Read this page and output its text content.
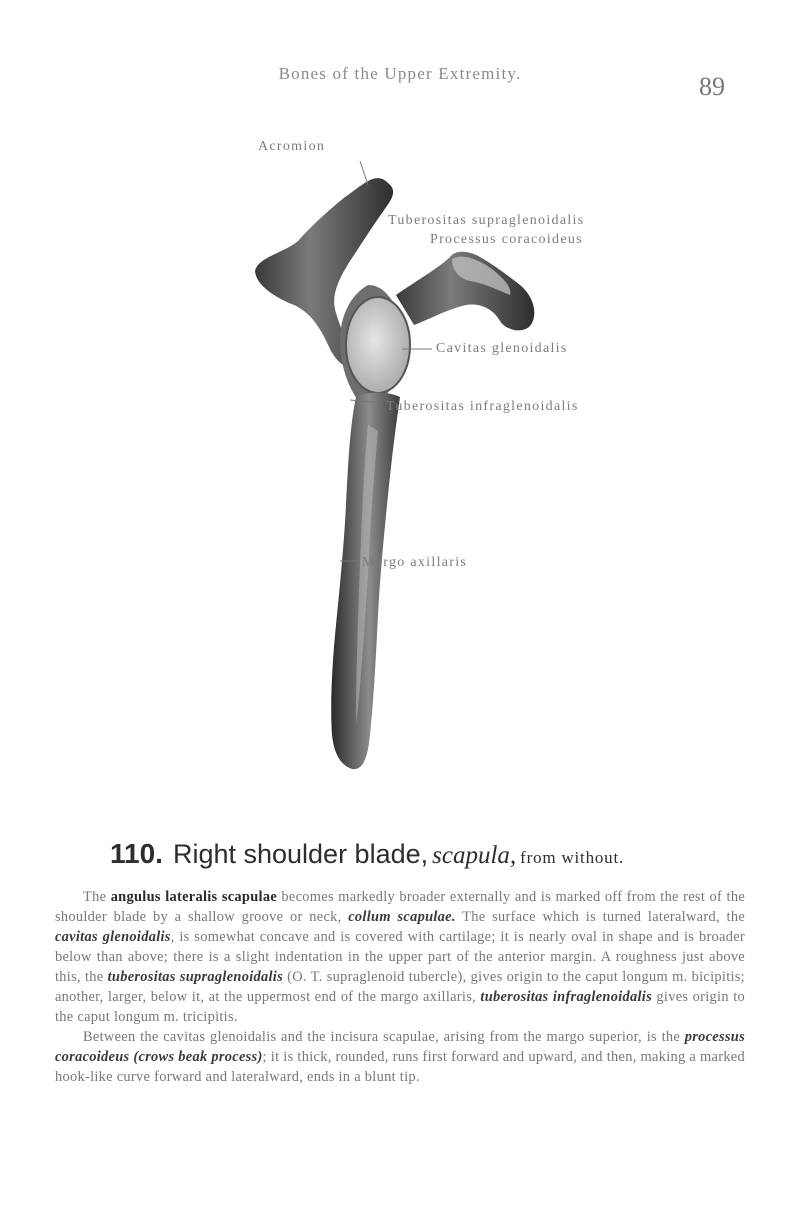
Bones of the Upper Extremity.	89
Acromion
Tuberositas supraglenoidalis
Processus coracoideus
Cavitas glenoidalis
Tuberositas infraglenoidalis
Margo axillaris
110. Right shoulder blade, scapula, from without.

The angulus lateralis scapulae becomes markedly broader externally and is marked off from the rest of the shoulder blade by a shallow groove or neck, collum scapulae. The surface which is turned lateralward, the cavitas glenoidalis, is somewhat concave and is covered with cartilage; it is nearly oval in shape and is broader below than above; there is a slight indentation in the upper part of the anterior margin. A roughness just above this, the tuberositas supraglenoidalis (O. T. supraglenoid tubercle), gives origin to the caput longum m. bicipitis; another, larger, below it, at the uppermost end of the margo axillaris, tuberositas infraglenoidalis gives origin to the caput longum m. tricipitis.

Between the cavitas glenoidalis and the incisura scapulae, arising from the margo superior, is the processus coracoideus (crows beak process); it is thick, rounded, runs first forward and upward, and then, making a marked hook-like curve forward and lateralward, ends in a blunt tip.
